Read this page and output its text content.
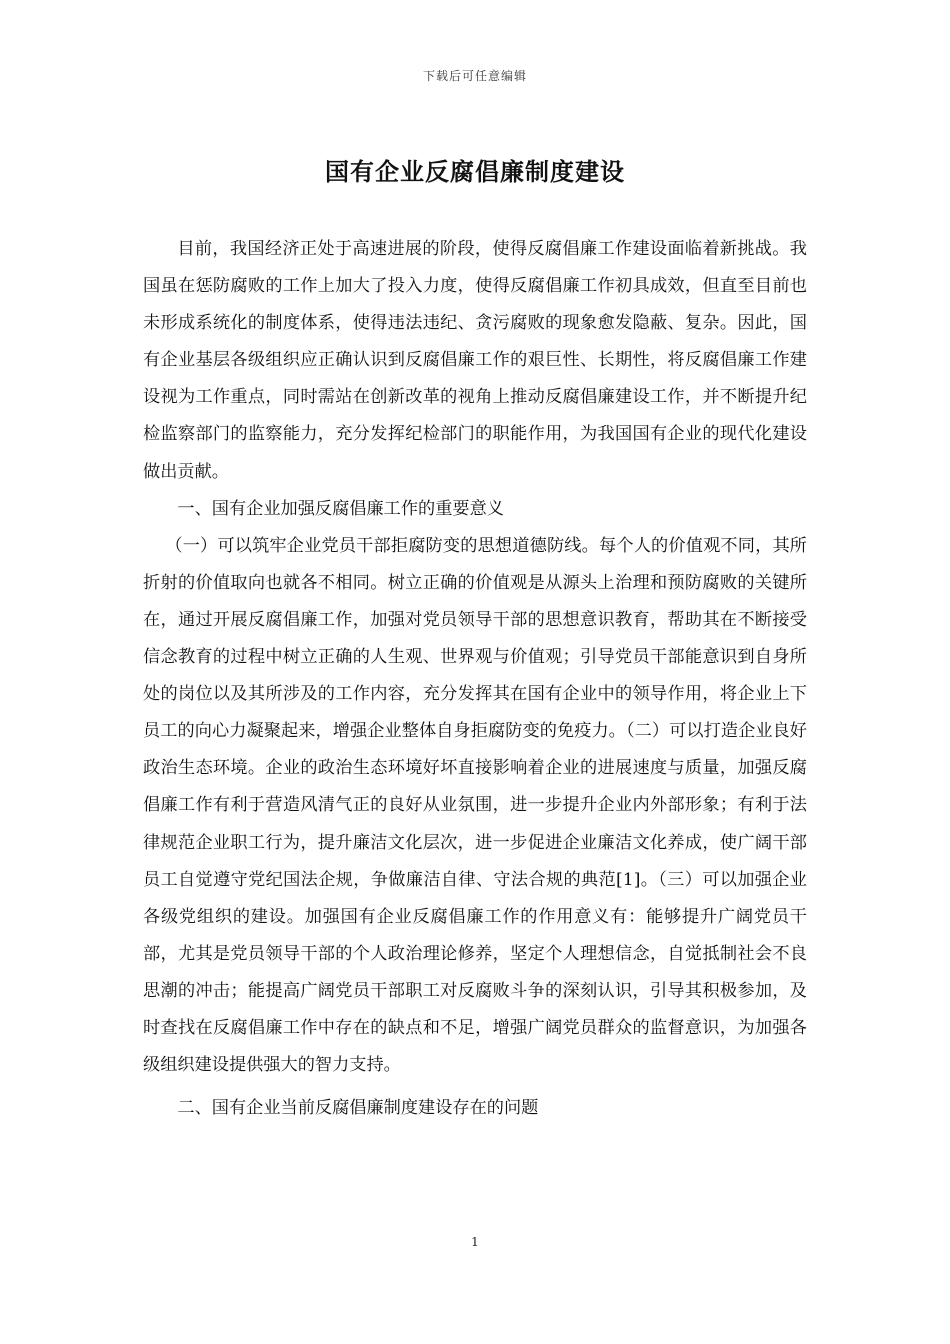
下载后可任意编辑
国有企业反腐倡廉制度建设

目前，我国经济正处于高速进展的阶段，使得反腐倡廉工作建设面临着新挑战。我国虽在惩防腐败的工作上加大了投入力度，使得反腐倡廉工作初具成效，但直至目前也未形成系统化的制度体系，使得违法违纪、贪污腐败的现象愈发隐蔽、复杂。因此，国有企业基层各级组织应正确认识到反腐倡廉工作的艰巨性、长期性，将反腐倡廉工作建设视为工作重点，同时需站在创新改革的视角上推动反腐倡廉建设工作，并不断提升纪检监察部门的监察能力，充分发挥纪检部门的职能作用，为我国国有企业的现代化建设做出贡献。

一、国有企业加强反腐倡廉工作的重要意义

（一）可以筑牢企业党员干部拒腐防变的思想道德防线。每个人的价值观不同，其所折射的价值取向也就各不相同。树立正确的价值观是从源头上治理和预防腐败的关键所在，通过开展反腐倡廉工作，加强对党员领导干部的思想意识教育，帮助其在不断接受信念教育的过程中树立正确的人生观、世界观与价值观；引导党员干部能意识到自身所处的岗位以及其所涉及的工作内容，充分发挥其在国有企业中的领导作用，将企业上下员工的向心力凝聚起来，增强企业整体自身拒腐防变的免疫力。（二）可以打造企业良好政治生态环境。企业的政治生态环境好坏直接影响着企业的进展速度与质量，加强反腐倡廉工作有利于营造风清气正的良好从业氛围，进一步提升企业内外部形象；有利于法律规范企业职工行为，提升廉洁文化层次，进一步促进企业廉洁文化养成，使广阔干部员工自觉遵守党纪国法企规，争做廉洁自律、守法合规的典范[1]。（三）可以加强企业各级党组织的建设。加强国有企业反腐倡廉工作的作用意义有：能够提升广阔党员干部，尤其是党员领导干部的个人政治理论修养，坚定个人理想信念，自觉抵制社会不良思潮的冲击；能提高广阔党员干部职工对反腐败斗争的深刻认识，引导其积极参加，及时查找在反腐倡廉工作中存在的缺点和不足，增强广阔党员群众的监督意识，为加强各级组织建设提供强大的智力支持。

二、国有企业当前反腐倡廉制度建设存在的问题

1
